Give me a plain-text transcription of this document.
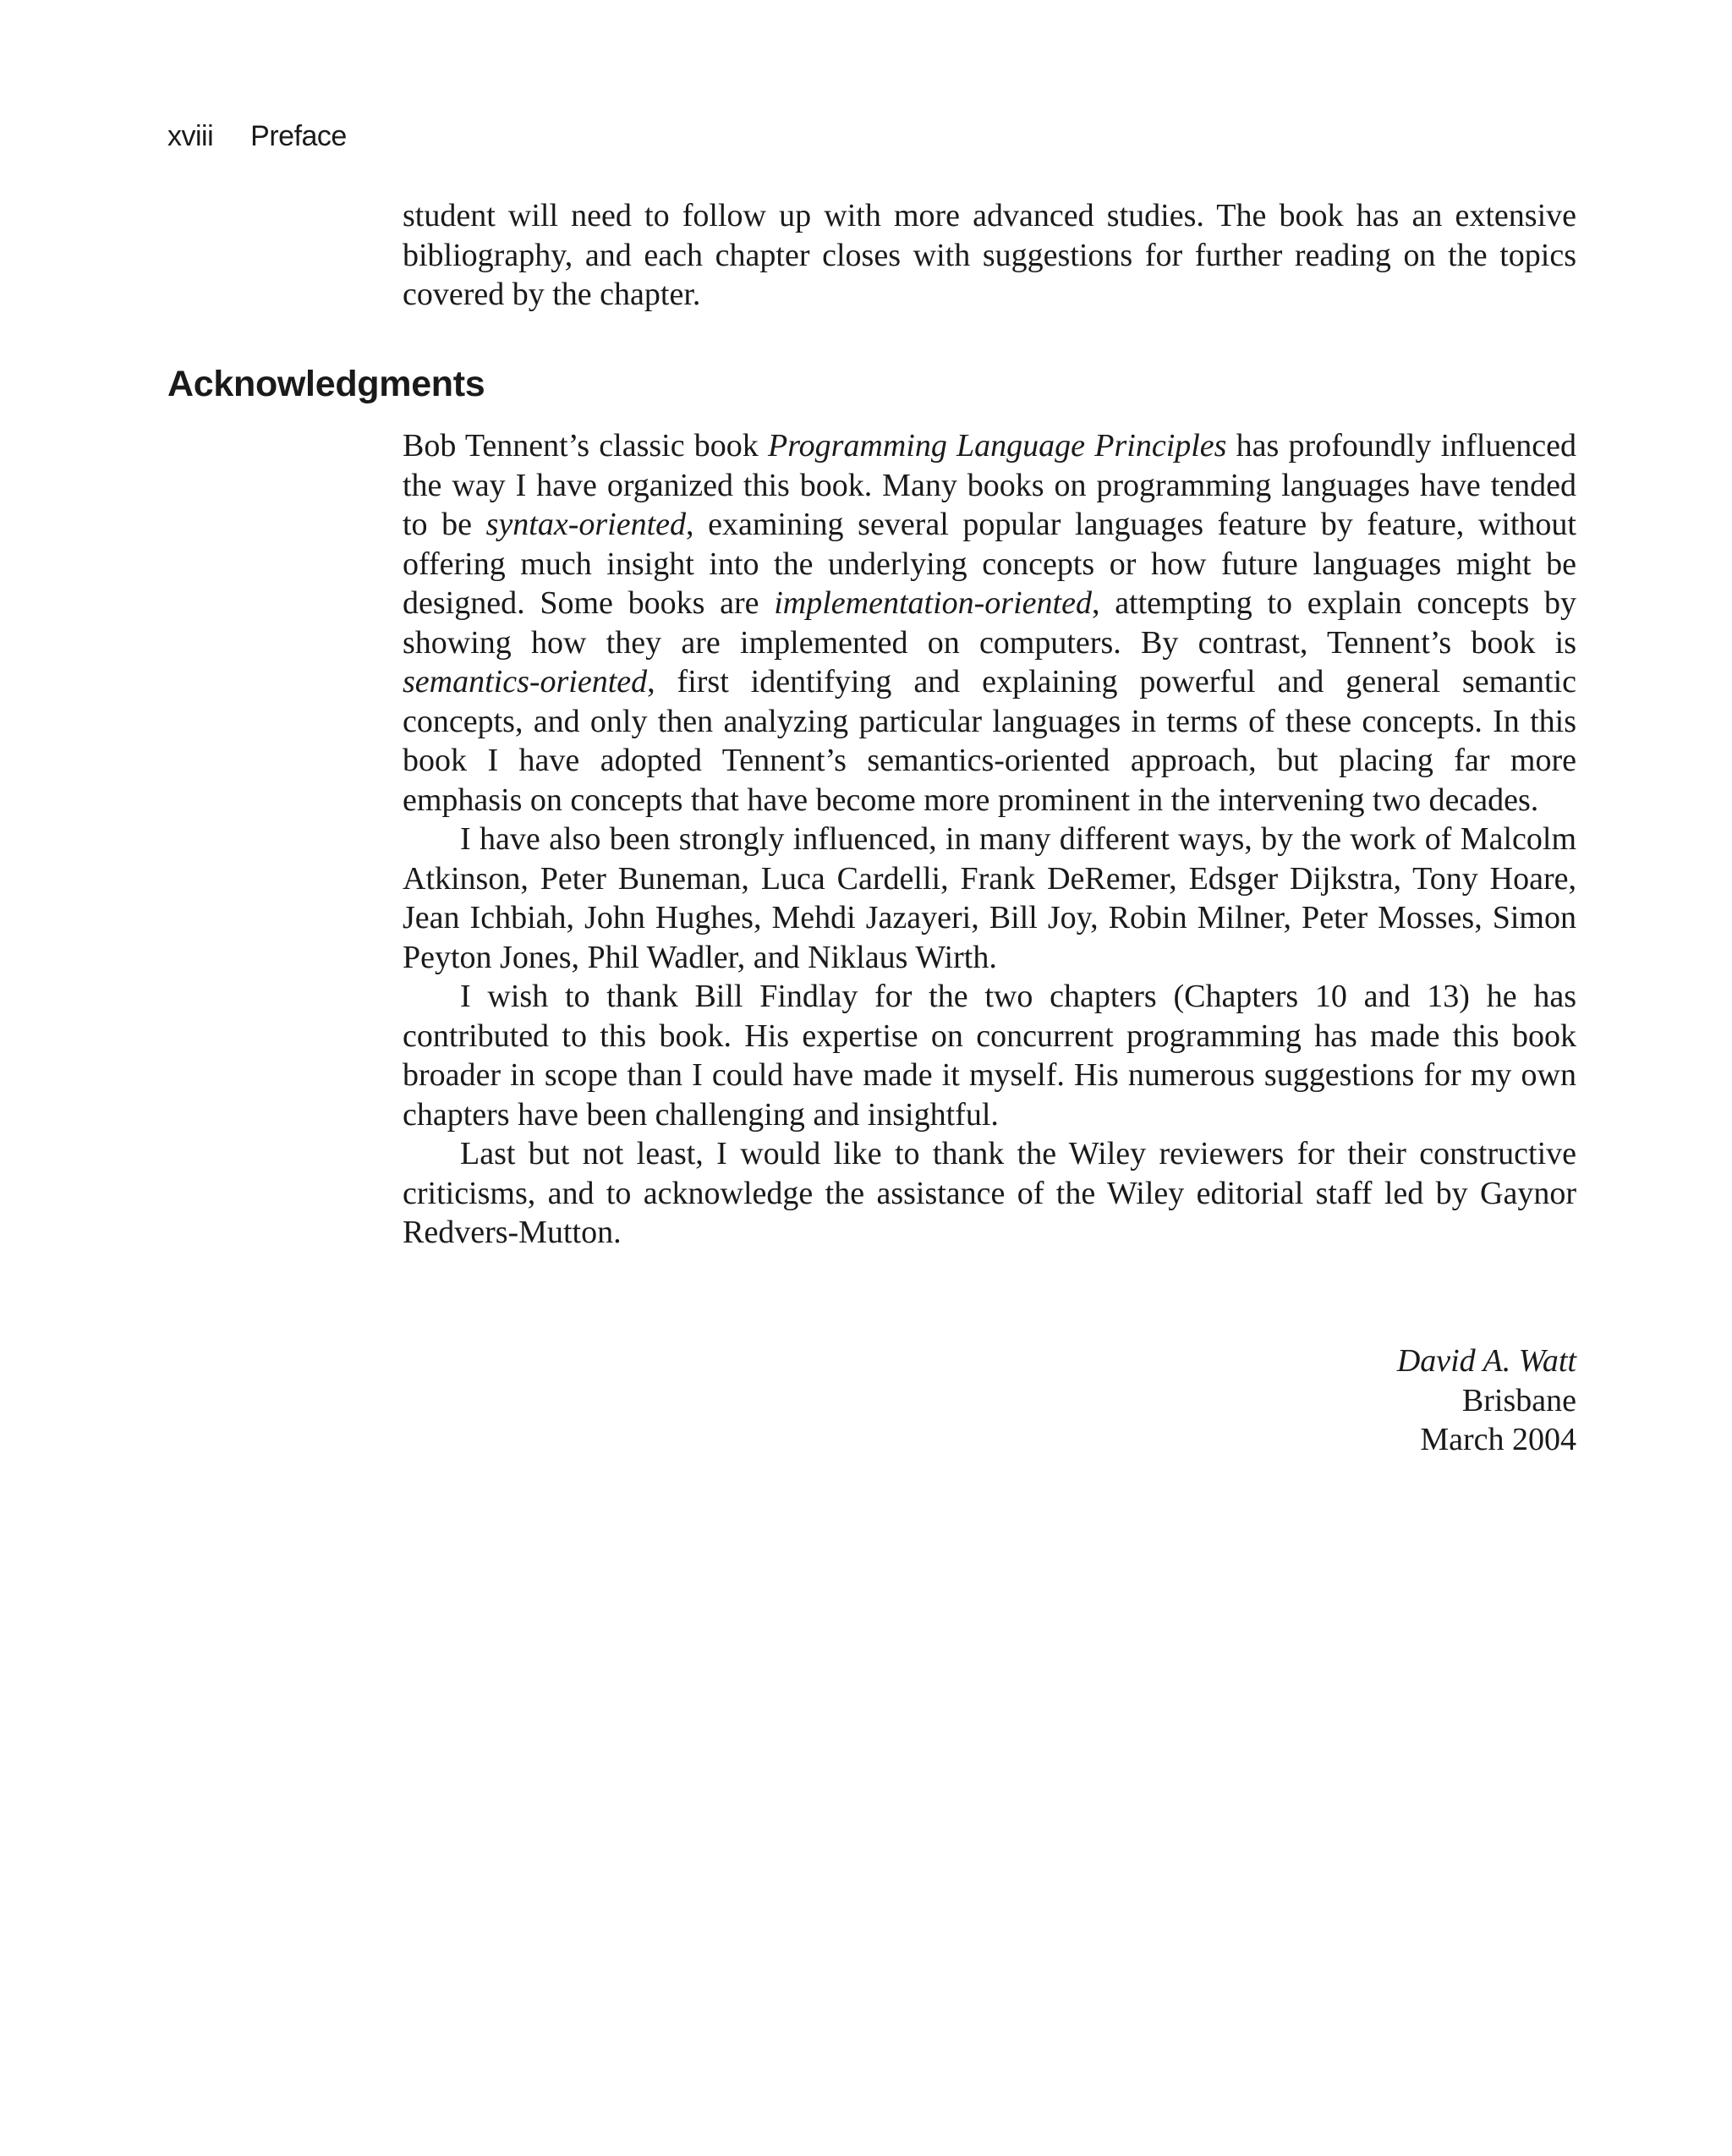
xviii Preface

student will need to follow up with more advanced studies. The book has an extensive bibliography, and each chapter closes with suggestions for further reading on the topics covered by the chapter.

Acknowledgments

Bob Tennent’s classic book Programming Language Principles has profoundly influenced the way I have organized this book. Many books on programming languages have tended to be syntax-oriented, examining several popular languages feature by feature, without offering much insight into the underlying concepts or how future languages might be designed. Some books are implementation-oriented, attempting to explain concepts by showing how they are implemented on computers. By contrast, Tennent’s book is semantics-oriented, first identifying and explaining powerful and general semantic concepts, and only then analyzing particular languages in terms of these concepts. In this book I have adopted Tennent’s semantics-oriented approach, but placing far more emphasis on concepts that have become more prominent in the intervening two decades.

I have also been strongly influenced, in many different ways, by the work of Malcolm Atkinson, Peter Buneman, Luca Cardelli, Frank DeRemer, Edsger Dijkstra, Tony Hoare, Jean Ichbiah, John Hughes, Mehdi Jazayeri, Bill Joy, Robin Milner, Peter Mosses, Simon Peyton Jones, Phil Wadler, and Niklaus Wirth.

I wish to thank Bill Findlay for the two chapters (Chapters 10 and 13) he has contributed to this book. His expertise on concurrent programming has made this book broader in scope than I could have made it myself. His numerous suggestions for my own chapters have been challenging and insightful.

Last but not least, I would like to thank the Wiley reviewers for their constructive criticisms, and to acknowledge the assistance of the Wiley editorial staff led by Gaynor Redvers-Mutton.

David A. Watt
Brisbane
March 2004
